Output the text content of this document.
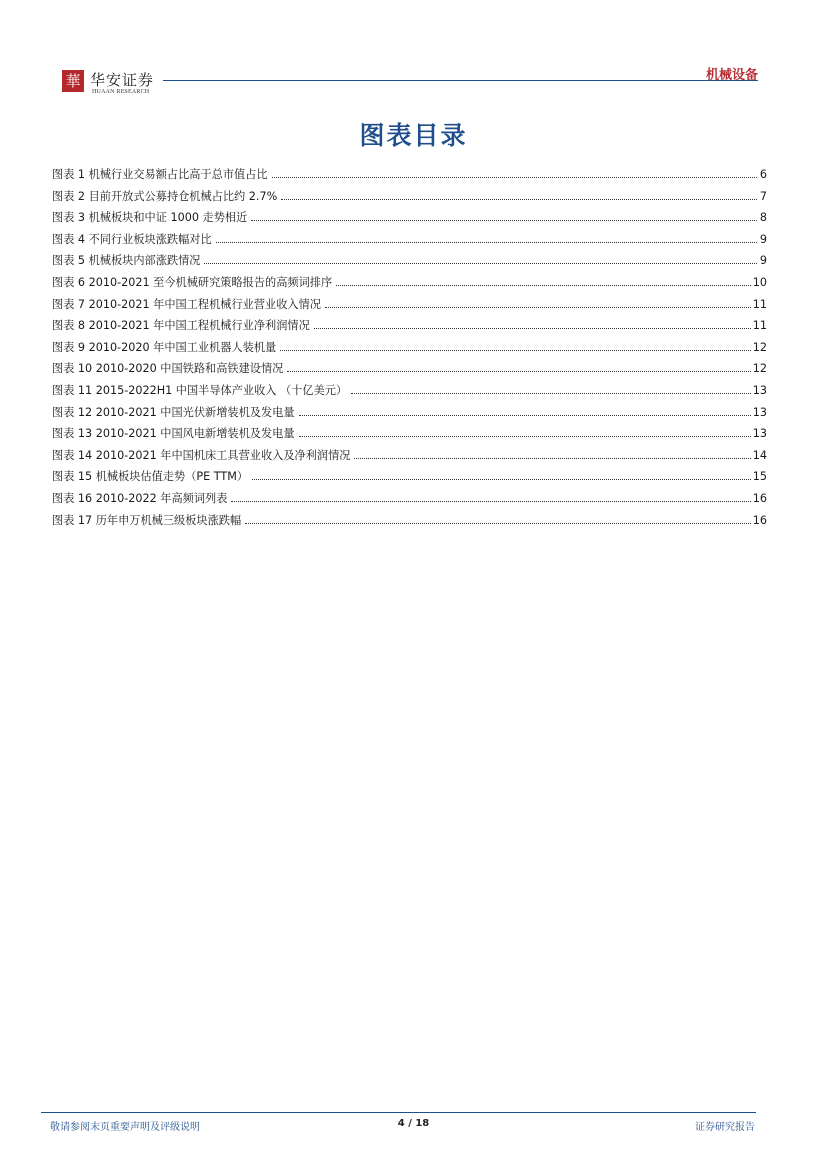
華 华安证券
HUAAN RESEARCH
机械设备
图表目录
图表 1 机械行业交易额占比高于总市值占比	6
图表 2 目前开放式公募持仓机械占比约 2.7%	7
图表 3 机械板块和中证 1000 走势相近	8
图表 4 不同行业板块涨跌幅对比	9
图表 5 机械板块内部涨跌情况	9
图表 6 2010-2021 至今机械研究策略报告的高频词排序	10
图表 7 2010-2021 年中国工程机械行业营业收入情况	11
图表 8 2010-2021 年中国工程机械行业净利润情况	11
图表 9 2010-2020 年中国工业机器人装机量	12
图表 10 2010-2020 中国铁路和高铁建设情况	12
图表 11 2015-2022H1 中国半导体产业收入 （十亿美元）	13
图表 12 2010-2021 中国光伏新增装机及发电量	13
图表 13 2010-2021 中国风电新增装机及发电量	13
图表 14 2010-2021 年中国机床工具营业收入及净利润情况	14
图表 15 机械板块估值走势（PE TTM）	15
图表 16 2010-2022 年高频词列表	16
图表 17 历年申万机械三级板块涨跌幅	16
敬请参阅末页重要声明及评级说明	4 / 18	证券研究报告
